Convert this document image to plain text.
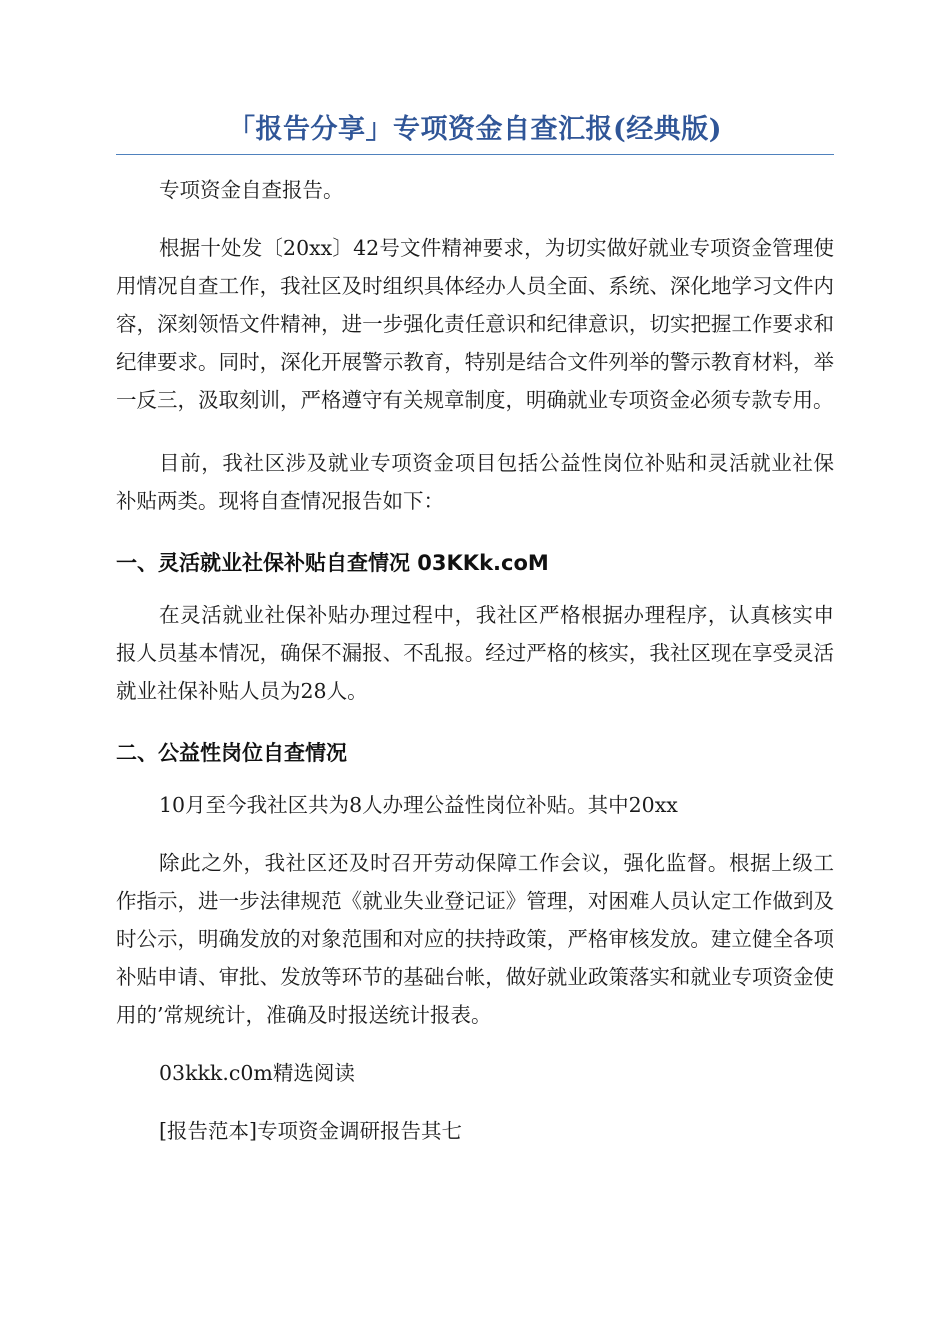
「报告分享」专项资金自查汇报(经典版)

专项资金自查报告。

根据十处发〔20xx〕42号文件精神要求，为切实做好就业专项资金管理使用情况自查工作，我社区及时组织具体经办人员全面、系统、深化地学习文件内容，深刻领悟文件精神，进一步强化责任意识和纪律意识，切实把握工作要求和纪律要求。同时，深化开展警示教育，特别是结合文件列举的警示教育材料，举一反三，汲取刻训，严格遵守有关规章制度，明确就业专项资金必须专款专用。

目前，我社区涉及就业专项资金项目包括公益性岗位补贴和灵活就业社保补贴两类。现将自查情况报告如下：

一、灵活就业社保补贴自查情况 03KKk.coM

在灵活就业社保补贴办理过程中，我社区严格根据办理程序，认真核实申报人员基本情况，确保不漏报、不乱报。经过严格的核实，我社区现在享受灵活就业社保补贴人员为28人。

二、公益性岗位自查情况

10月至今我社区共为8人办理公益性岗位补贴。其中20xx

除此之外，我社区还及时召开劳动保障工作会议，强化监督。根据上级工作指示，进一步法律规范《就业失业登记证》管理，对困难人员认定工作做到及时公示，明确发放的对象范围和对应的扶持政策，严格审核发放。建立健全各项补贴申请、审批、发放等环节的基础台帐，做好就业政策落实和就业专项资金使用的’常规统计，准确及时报送统计报表。

03kkk.c0m精选阅读

[报告范本]专项资金调研报告其七
